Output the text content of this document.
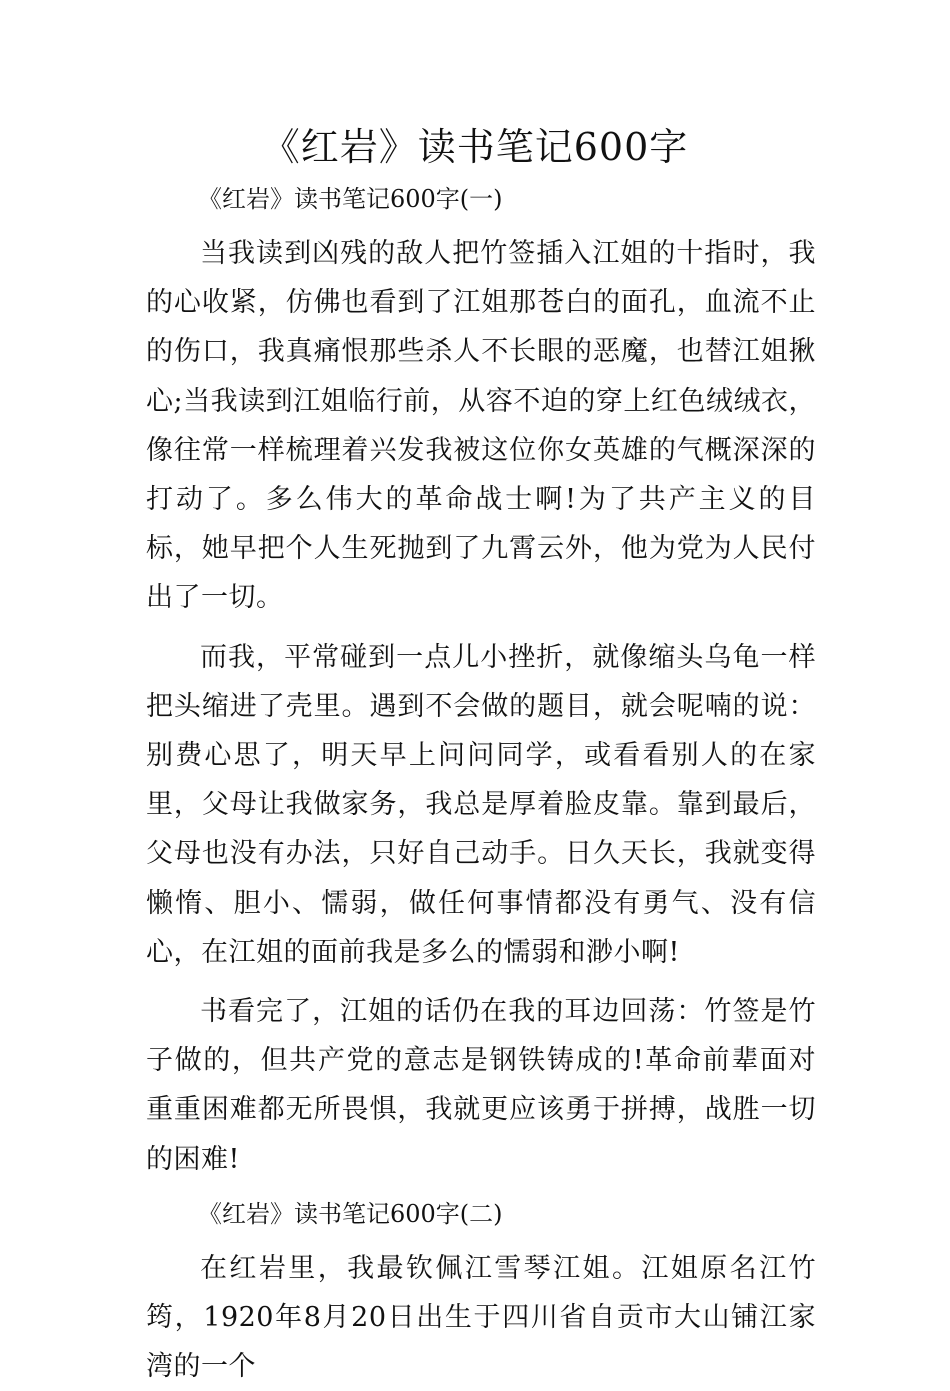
《红岩》读书笔记600字

《红岩》读书笔记600字(一)

当我读到凶残的敌人把竹签插入江姐的十指时，我的心收紧，仿佛也看到了江姐那苍白的面孔，血流不止的伤口，我真痛恨那些杀人不长眼的恶魔，也替江姐揪心;当我读到江姐临行前，从容不迫的穿上红色绒绒衣，像往常一样梳理着兴发我被这位你女英雄的气概深深的打动了。多么伟大的革命战士啊!为了共产主义的目标，她早把个人生死抛到了九霄云外，他为党为人民付出了一切。

而我，平常碰到一点儿小挫折，就像缩头乌龟一样把头缩进了壳里。遇到不会做的题目，就会呢喃的说：别费心思了，明天早上问问同学，或看看别人的在家里，父母让我做家务，我总是厚着脸皮靠。靠到最后，父母也没有办法，只好自己动手。日久天长，我就变得懒惰、胆小、懦弱，做任何事情都没有勇气、没有信心，在江姐的面前我是多么的懦弱和渺小啊!

书看完了，江姐的话仍在我的耳边回荡：竹签是竹子做的，但共产党的意志是钢铁铸成的!革命前辈面对重重困难都无所畏惧，我就更应该勇于拼搏，战胜一切的困难!

《红岩》读书笔记600字(二)

在红岩里，我最钦佩江雪琴江姐。江姐原名江竹筠，1920年8月20日出生于四川省自贡市大山铺江家湾的一个
